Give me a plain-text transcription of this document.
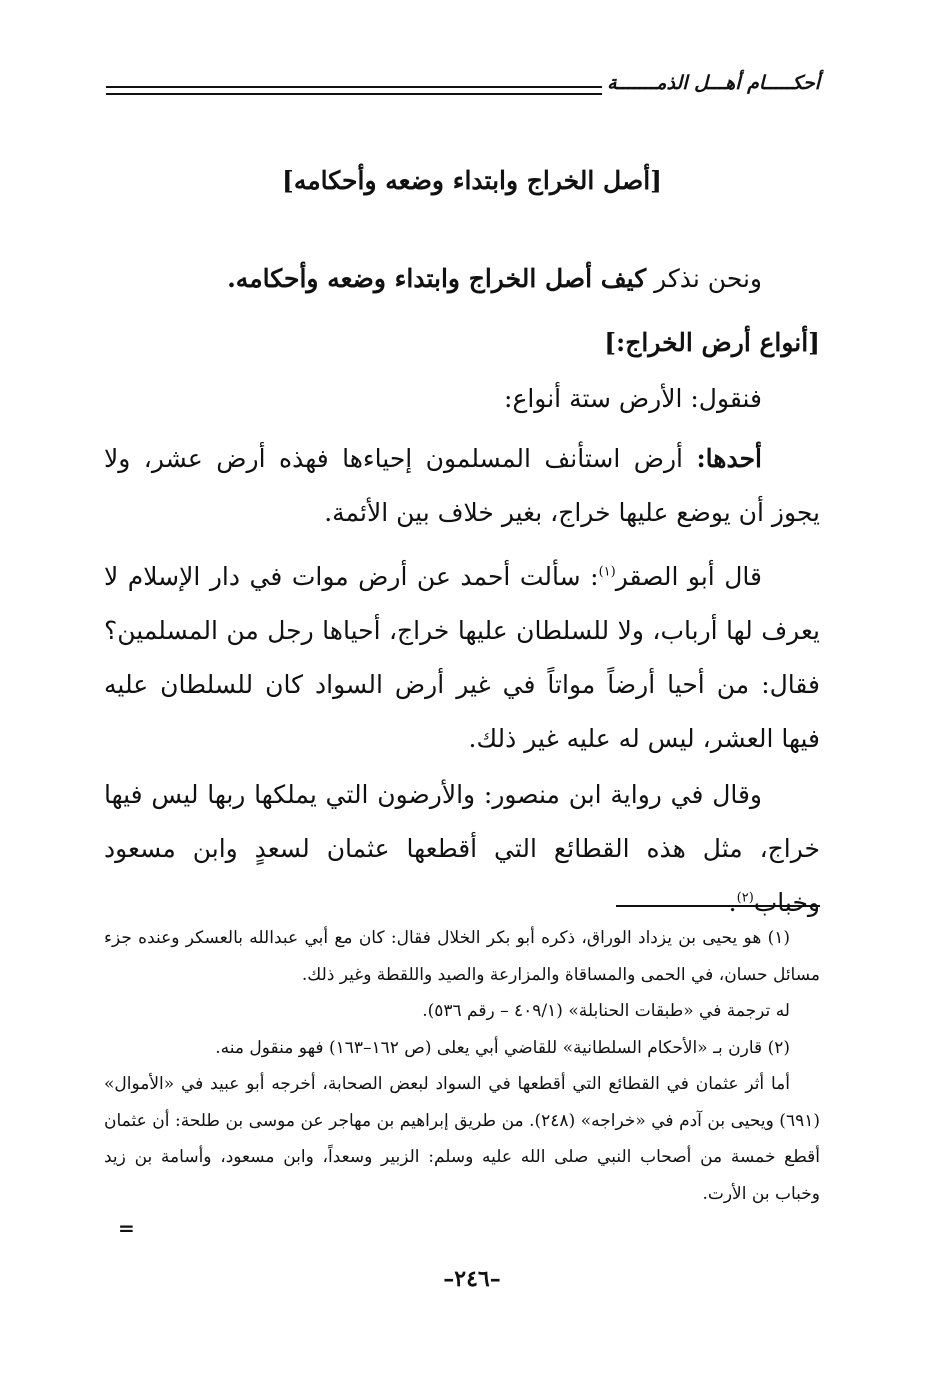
أحكـــــام أهـــل الذمـــــــة
[أصل الخراج وابتداء وضعه وأحكامه]

ونحن نذكر كيف أصل الخراج وابتداء وضعه وأحكامه.

[أنواع أرض الخراج:]

فنقول: الأرض ستة أنواع:

أحدها: أرض استأنف المسلمون إحياءها فهذه أرض عشر، ولا يجوز أن يوضع عليها خراج، بغير خلاف بين الأئمة.

قال أبو الصقر$^{(١)}$: سألت أحمد عن أرض موات في دار الإسلام لا يعرف لها أرباب، ولا للسلطان عليها خراج، أحياها رجل من المسلمين؟ فقال: من أحيا أرضاً مواتاً في غير أرض السواد كان للسلطان عليه فيها العشر، ليس له عليه غير ذلك.

وقال في رواية ابن منصور: والأرضون التي يملكها ربها ليس فيها خراج، مثل هذه القطائع التي أقطعها عثمان لسعدٍ وابن مسعود وخباب$^{(٢)}$.

(١) هو يحيى بن يزداد الوراق، ذكره أبو بكر الخلال فقال: كان مع أبي عبدالله بالعسكر وعنده جزء مسائل حسان، في الحمى والمساقاة والمزارعة والصيد واللقطة وغير ذلك.

له ترجمة في «طبقات الحنابلة» (٤٠٩/١ – رقم ٥٣٦).

(٢) قارن بـ «الأحكام السلطانية» للقاضي أبي يعلى (ص ١٦٢–١٦٣) فهو منقول منه.

أما أثر عثمان في القطائع التي أقطعها في السواد لبعض الصحابة، أخرجه أبو عبيد في «الأموال» (٦٩١) ويحيى بن آدم في «خراجه» (٢٤٨). من طريق إبراهيم بن مهاجر عن موسى بن طلحة: أن عثمان أقطع خمسة من أصحاب النبي صلى الله عليه وسلم: الزبير وسعداً، وابن مسعود، وأسامة بن زيد وخباب بن الأرت.

=
–٢٤٦–
